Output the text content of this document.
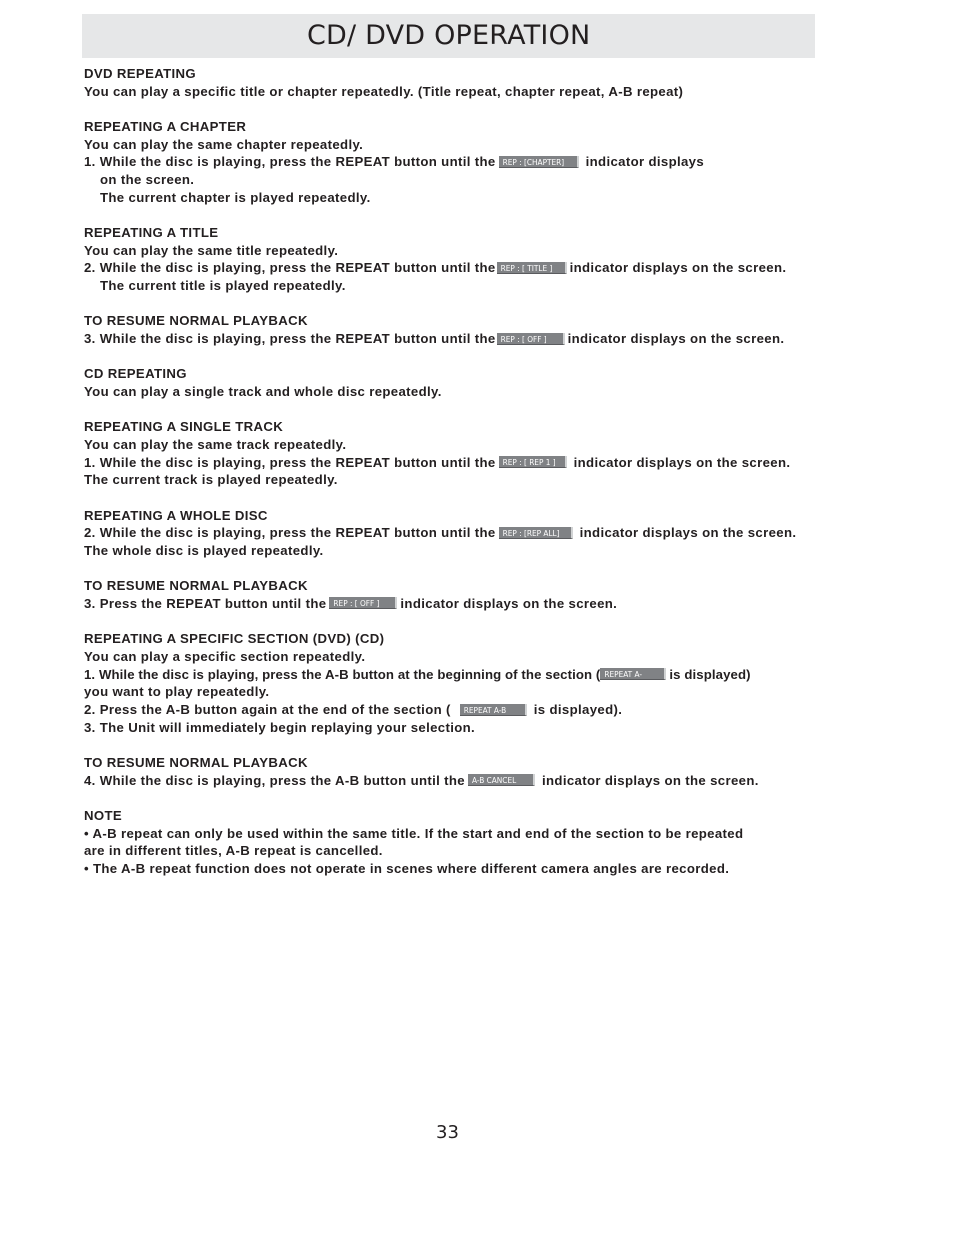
CD/ DVD OPERATION
DVD REPEATING
You can play a specific title or chapter repeatedly. (Title repeat, chapter repeat, A-B repeat)
REPEATING A CHAPTER
You can play the same chapter repeatedly.
1. While the disc is playing, press the REPEAT button until the REP : [CHAPTER] indicator displays
on the screen.
The current chapter is played repeatedly.
REPEATING A TITLE
You can play the same title repeatedly.
2. While the disc is playing, press the REPEAT button until the REP : [ TITLE ] indicator displays on the screen.
The current title is played repeatedly.
TO RESUME NORMAL PLAYBACK
3. While the disc is playing, press the REPEAT button until the REP : [ OFF ] indicator displays on the screen.
CD REPEATING
You can play a single track and whole disc repeatedly.
REPEATING A SINGLE TRACK
You can play the same track repeatedly.
1. While the disc is playing, press the REPEAT button until the REP : [ REP 1 ] indicator displays on the screen.
The current track is played repeatedly.
REPEATING A WHOLE DISC
2. While the disc is playing, press the REPEAT button until the REP : [REP ALL] indicator displays on the screen.
The whole disc is played repeatedly.
TO RESUME NORMAL PLAYBACK
3. Press the REPEAT button until the REP : [ OFF ] indicator displays on the screen.
REPEATING A SPECIFIC SECTION (DVD) (CD)
You can play a specific section repeatedly.
1. While the disc is playing, press the A-B button at the beginning of the section ( REPEAT A- is displayed)
you want to play repeatedly.
2. Press the A-B button again at the end of the section ( REPEAT A-B is displayed).
3. The Unit will immediately begin replaying your selection.
TO RESUME NORMAL PLAYBACK
4. While the disc is playing, press the A-B button until the A-B CANCEL indicator displays on the screen.
NOTE
• A-B repeat can only be used within the same title. If the start and end of the section to be repeated
are in different titles, A-B repeat is cancelled.
• The A-B repeat function does not operate in scenes where different camera angles are recorded.
33
